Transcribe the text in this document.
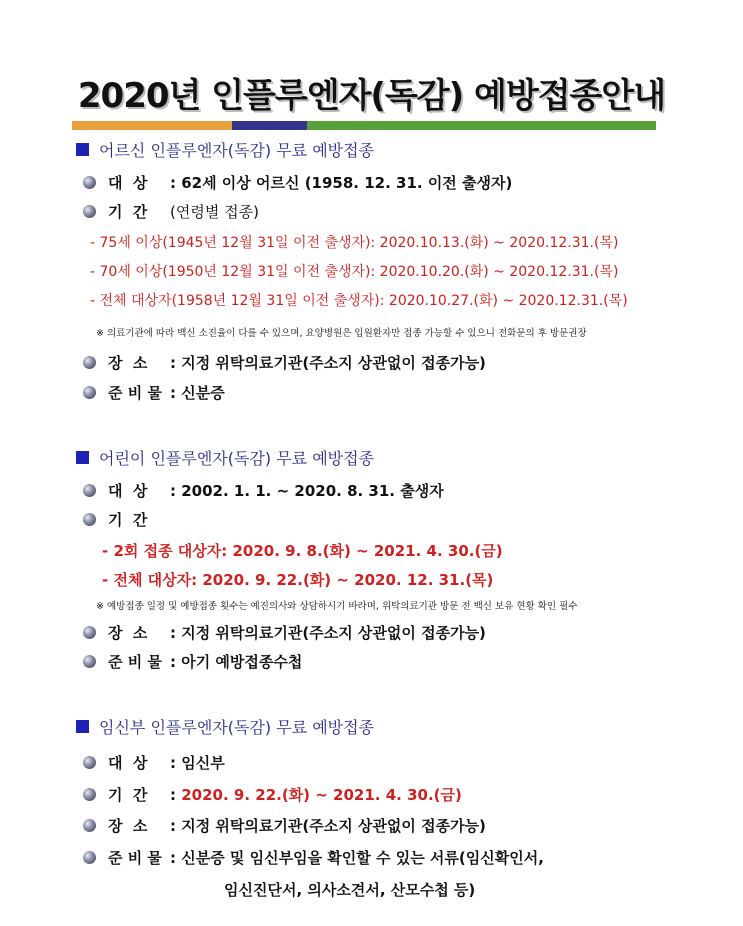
2020년 인플루엔자(독감) 예방접종안내
어르신 인플루엔자(독감) 무료 예방접종
대  상	: 62세 이상 어르신 (1958. 12. 31. 이전 출생자)
기  간	(연령별 접종)
- 75세 이상(1945년 12월 31일 이전 출생자): 2020.10.13.(화) ~ 2020.12.31.(목)
- 70세 이상(1950년 12월 31일 이전 출생자): 2020.10.20.(화) ~ 2020.12.31.(목)
- 전체 대상자(1958년 12월 31일 이전 출생자): 2020.10.27.(화) ~ 2020.12.31.(목)
※ 의료기관에 따라 백신 소진율이 다를 수 있으며, 요양병원은 입원환자만 접종 가능할 수 있으니 전화문의 후 방문권장
장  소	: 지정 위탁의료기관(주소지 상관없이 접종가능)
준 비 물 : 신분증
어린이 인플루엔자(독감) 무료 예방접종
대  상	: 2002. 1. 1. ~ 2020. 8. 31. 출생자
기  간
- 2회 접종 대상자: 2020. 9. 8.(화) ~ 2021. 4. 30.(금)
- 전체 대상자: 2020. 9. 22.(화) ~ 2020. 12. 31.(목)
※ 예방접종 일정 및 예방접종 횟수는 예진의사와 상담하시기 바라며, 위탁의료기관 방문 전 백신 보유 현황 확인 필수
장  소	: 지정 위탁의료기관(주소지 상관없이 접종가능)
준 비 물 : 아기 예방접종수첩
임신부 인플루엔자(독감) 무료 예방접종
대  상	: 임신부
기  간	: 2020. 9. 22.(화) ~ 2021. 4. 30.(금)
장  소	: 지정 위탁의료기관(주소지 상관없이 접종가능)
준 비 물 : 신분증 및 임신부임을 확인할 수 있는 서류(임신확인서,
임신진단서, 의사소견서, 산모수첩 등)
